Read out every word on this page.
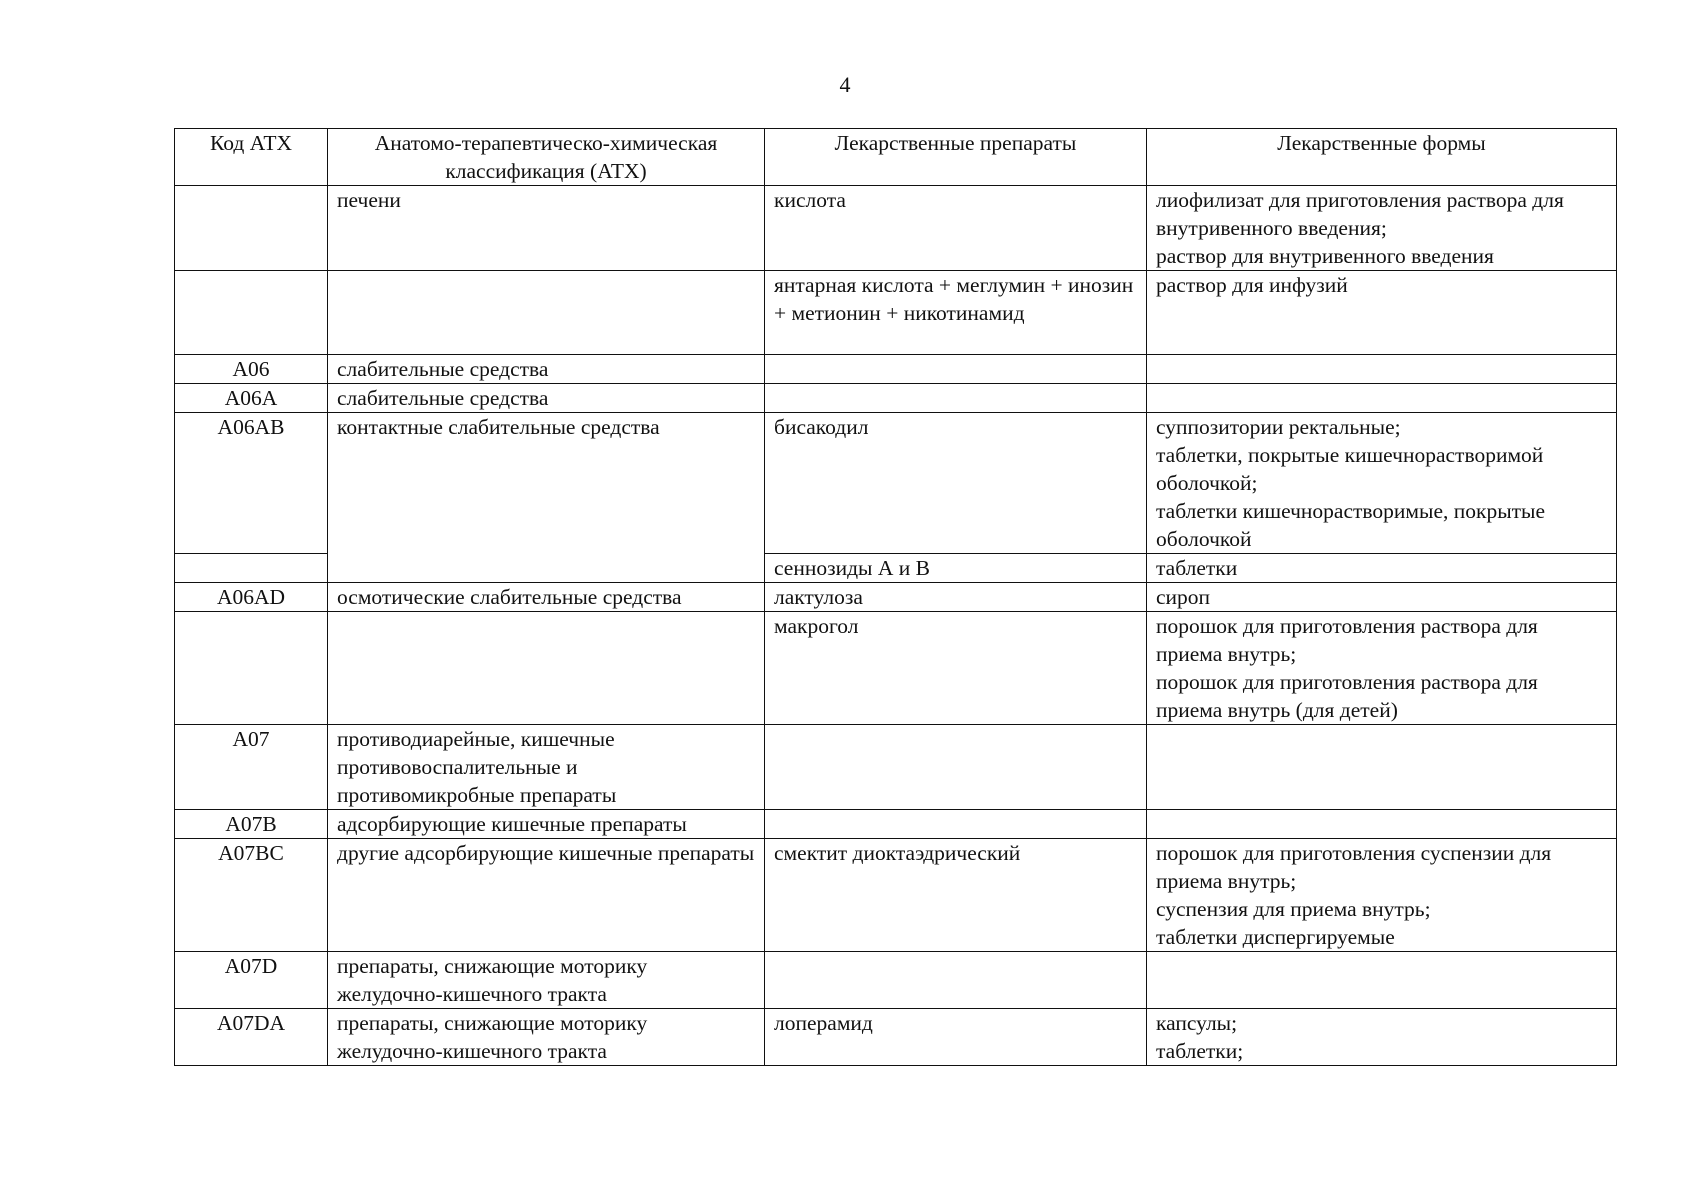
4
Код АТХ	Анатомо-терапевтическо-химическая классификация (АТХ)	Лекарственные препараты	Лекарственные формы
	печени	кислота	лиофилизат для приготовления раствора для внутривенного введения;
раствор для внутривенного введения

		янтарная кислота + меглумин + инозин + метионин + никотинамид	раствор для инфузий

А06	слабительные средства		

А06А	слабительные средства		

А06АВ	контактные слабительные средства	бисакодил	суппозитории ректальные;
таблетки, покрытые кишечнорастворимой оболочкой;
таблетки кишечнорастворимые, покрытые оболочкой

		сеннозиды А и В	таблетки

А06AD	осмотические слабительные средства	лактулоза	сироп

		макрогол	порошок для приготовления раствора для приема внутрь;
порошок для приготовления раствора для приема внутрь (для детей)

А07	противодиарейные, кишечные противовоспалительные и противомикробные препараты		

А07В	адсорбирующие кишечные препараты		

А07ВС	другие адсорбирующие кишечные препараты	смектит диоктаэдрический	порошок для приготовления суспензии для приема внутрь;
суспензия для приема внутрь;
таблетки диспергируемые

А07D	препараты, снижающие моторику желудочно-кишечного тракта		

А07DA	препараты, снижающие моторику желудочно-кишечного тракта	лоперамид	капсулы;
таблетки;
